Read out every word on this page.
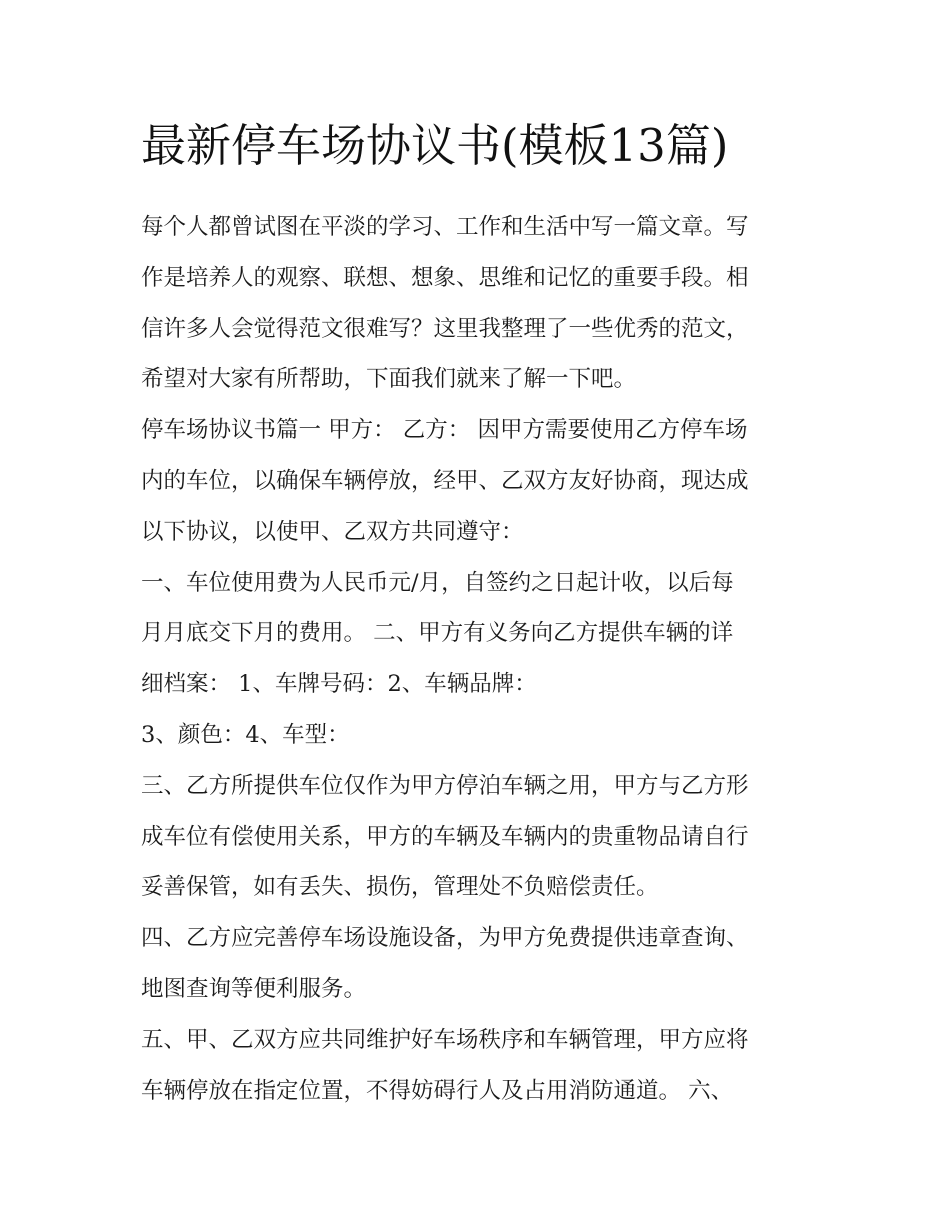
最新停车场协议书(模板13篇)
每个人都曾试图在平淡的学习、工作和生活中写一篇文章。写
作是培养人的观察、联想、想象、思维和记忆的重要手段。相
信许多人会觉得范文很难写？这里我整理了一些优秀的范文，
希望对大家有所帮助，下面我们就来了解一下吧。
停车场协议书篇一 甲方： 乙方： 因甲方需要使用乙方停车场
内的车位，以确保车辆停放，经甲、乙双方友好协商，现达成
以下协议，以使甲、乙双方共同遵守：
一、车位使用费为人民币元/月，自签约之日起计收，以后每
月月底交下月的费用。 二、甲方有义务向乙方提供车辆的详
细档案： 1、车牌号码：2、车辆品牌：
3、颜色：4、车型：
三、乙方所提供车位仅作为甲方停泊车辆之用，甲方与乙方形
成车位有偿使用关系，甲方的车辆及车辆内的贵重物品请自行
妥善保管，如有丢失、损伤，管理处不负赔偿责任。
四、乙方应完善停车场设施设备，为甲方免费提供违章查询、
地图查询等便利服务。
五、甲、乙双方应共同维护好车场秩序和车辆管理，甲方应将
车辆停放在指定位置，不得妨碍行人及占用消防通道。 六、
